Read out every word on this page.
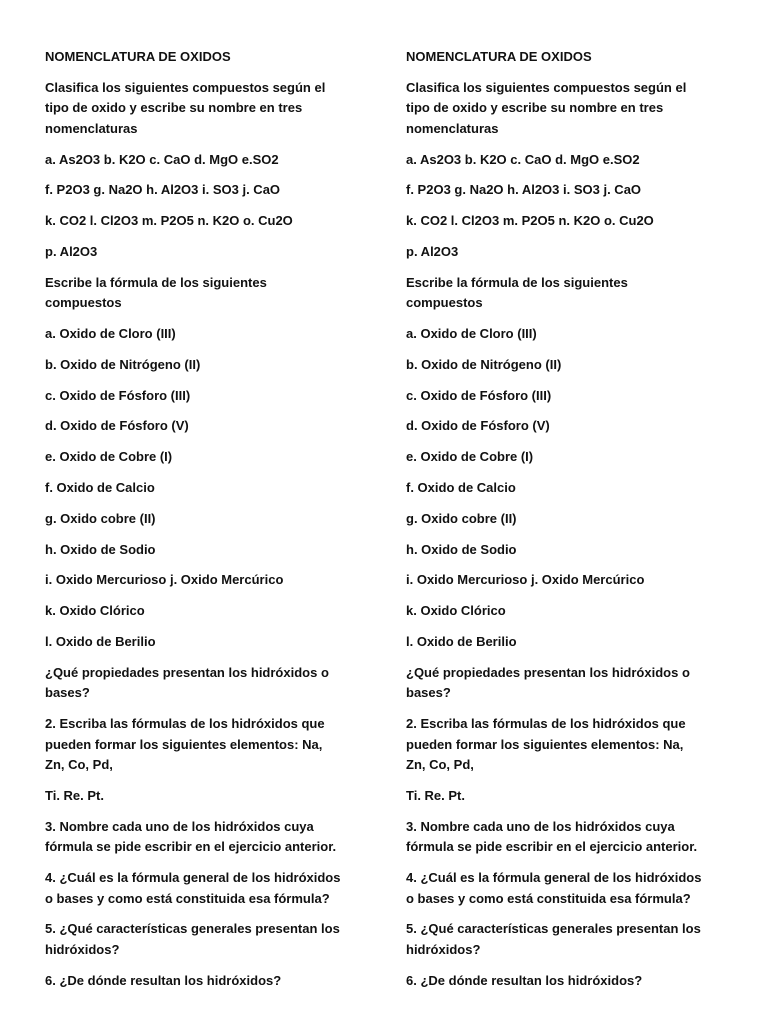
NOMENCLATURA DE OXIDOS

Clasifica los siguientes compuestos según el tipo de oxido y escribe su nombre en tres nomenclaturas

a. As2O3 b. K2O c. CaO d. MgO e.SO2

f. P2O3 g. Na2O h. Al2O3 i. SO3 j. CaO

k. CO2 l. Cl2O3 m. P2O5 n. K2O o. Cu2O

p. Al2O3

Escribe la fórmula de los siguientes compuestos

a. Oxido de Cloro (III)

b. Oxido de Nitrógeno (II)

c. Oxido de Fósforo (III)

d. Oxido de Fósforo (V)

e. Oxido de Cobre (I)

f. Oxido de Calcio

g. Oxido cobre (II)

h. Oxido de Sodio

i. Oxido Mercurioso j. Oxido Mercúrico

k. Oxido Clórico

l. Oxido de Berilio

¿Qué propiedades presentan los hidróxidos o bases?

2. Escriba las fórmulas de los hidróxidos que pueden formar los siguientes elementos: Na, Zn, Co, Pd,

Ti. Re. Pt.

3. Nombre cada uno de los hidróxidos cuya fórmula se pide escribir en el ejercicio anterior.

4. ¿Cuál es la fórmula general de los hidróxidos o bases y como está constituida esa fórmula?

5. ¿Qué características generales presentan los hidróxidos?

6. ¿De dónde resultan los hidróxidos?

NOMENCLATURA DE OXIDOS

Clasifica los siguientes compuestos según el tipo de oxido y escribe su nombre en tres nomenclaturas

a. As2O3 b. K2O c. CaO d. MgO e.SO2

f. P2O3 g. Na2O h. Al2O3 i. SO3 j. CaO

k. CO2 l. Cl2O3 m. P2O5 n. K2O o. Cu2O

p. Al2O3

Escribe la fórmula de los siguientes compuestos

a. Oxido de Cloro (III)

b. Oxido de Nitrógeno (II)

c. Oxido de Fósforo (III)

d. Oxido de Fósforo (V)

e. Oxido de Cobre (I)

f. Oxido de Calcio

g. Oxido cobre (II)

h. Oxido de Sodio

i. Oxido Mercurioso j. Oxido Mercúrico

k. Oxido Clórico

l. Oxido de Berilio

¿Qué propiedades presentan los hidróxidos o bases?

2. Escriba las fórmulas de los hidróxidos que pueden formar los siguientes elementos: Na, Zn, Co, Pd,

Ti. Re. Pt.

3. Nombre cada uno de los hidróxidos cuya fórmula se pide escribir en el ejercicio anterior.

4. ¿Cuál es la fórmula general de los hidróxidos o bases y como está constituida esa fórmula?

5. ¿Qué características generales presentan los hidróxidos?

6. ¿De dónde resultan los hidróxidos?
